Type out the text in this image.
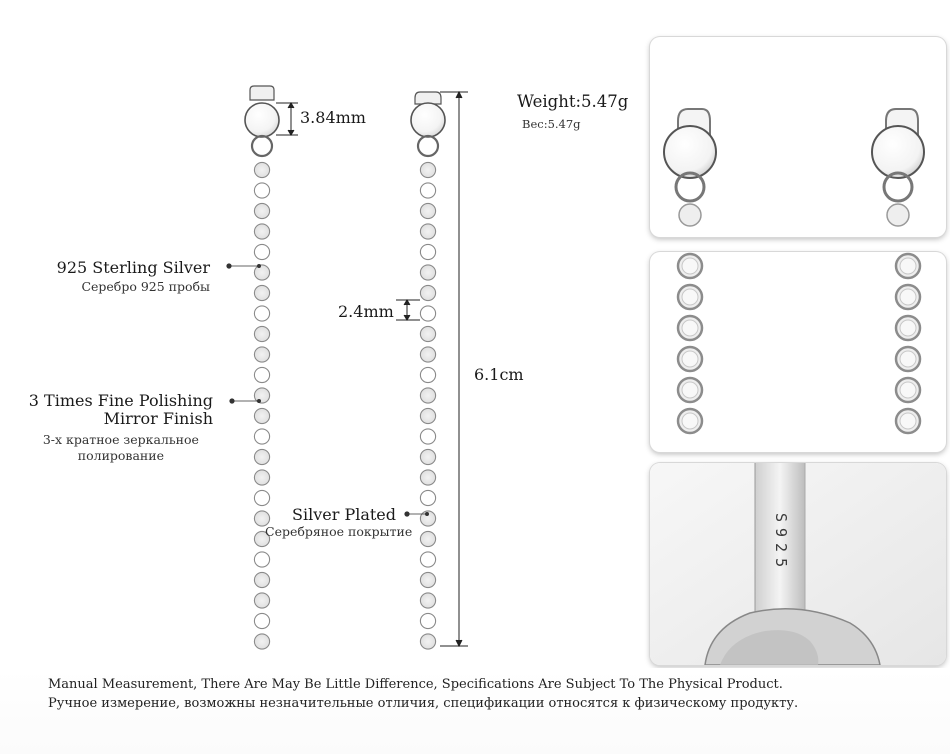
3.84mm
2.4mm
6.1cm
Weight:5.47g
Вес:5.47g
925 Sterling Silver
Серебро 925 пробы
3 Times Fine Polishing
Mirror Finish
3-х кратное зеркальное
полирование
Silver Plated
Серебряное покрытие	S925
Manual Measurement, There Are May Be Little Difference, Specifications Are Subject To The Physical Product.
Ручное измерение, возможны незначительные отличия, спецификации относятся к физическому продукту.
